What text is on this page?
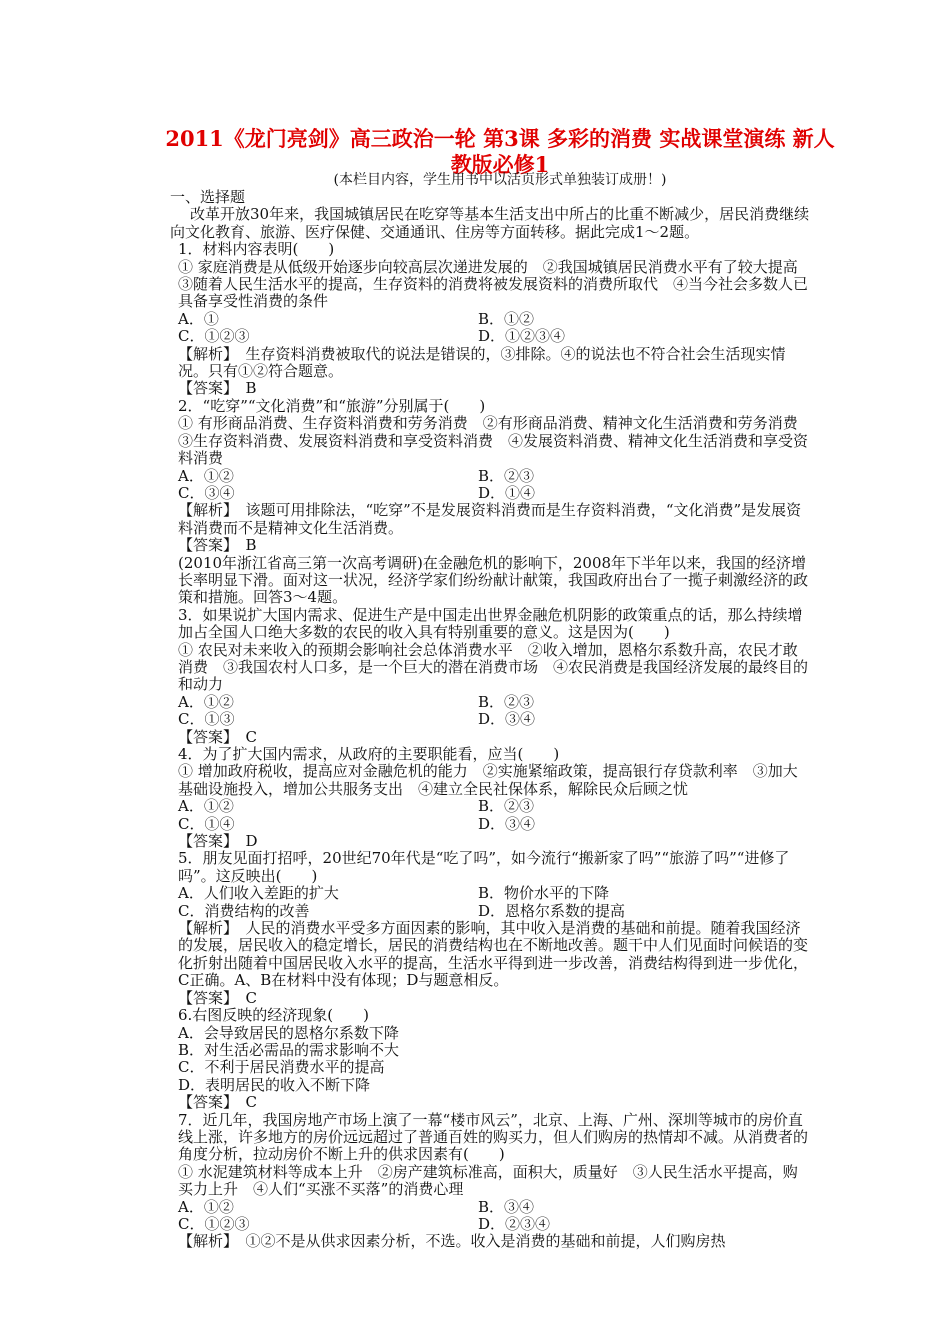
2011《龙门亮剑》高三政治一轮 第3课 多彩的消费 实战课堂演练 新人教版必修1
(本栏目内容，学生用书中以活页形式单独装订成册！)

一、选择题

改革开放30年来，我国城镇居民在吃穿等基本生活支出中所占的比重不断减少，居民消费继续向文化教育、旅游、医疗保健、交通通讯、住房等方面转移。据此完成1～2题。

1．材料内容表明(　　)

① 家庭消费是从低级开始逐步向较高层次递进发展的　②我国城镇居民消费水平有了较大提高　③随着人民生活水平的提高，生存资料的消费将被发展资料的消费所取代　④当今社会多数人已具备享受性消费的条件

A．①	B．①②
C．①②③	D．①②③④

【解析】　生存资料消费被取代的说法是错误的，③排除。④的说法也不符合社会生活现实情况。只有①②符合题意。

【答案】　B

2．“吃穿”“文化消费”和“旅游”分别属于(　　)

① 有形商品消费、生存资料消费和劳务消费　②有形商品消费、精神文化生活消费和劳务消费　③生存资料消费、发展资料消费和享受资料消费　④发展资料消费、精神文化生活消费和享受资料消费

A．①②	B．②③
C．③④	D．①④

【解析】　该题可用排除法，“吃穿”不是发展资料消费而是生存资料消费，“文化消费”是发展资料消费而不是精神文化生活消费。

【答案】　B

(2010年浙江省高三第一次高考调研)在金融危机的影响下，2008年下半年以来，我国的经济增长率明显下滑。面对这一状况，经济学家们纷纷献计献策，我国政府出台了一揽子刺激经济的政策和措施。回答3～4题。

3．如果说扩大国内需求、促进生产是中国走出世界金融危机阴影的政策重点的话，那么持续增加占全国人口绝大多数的农民的收入具有特别重要的意义。这是因为(　　)

① 农民对未来收入的预期会影响社会总体消费水平　②收入增加，恩格尔系数升高，农民才敢消费　③我国农村人口多，是一个巨大的潜在消费市场　④农民消费是我国经济发展的最终目的和动力

A．①②	B．②③
C．①③	D．③④

【答案】　C

4．为了扩大国内需求，从政府的主要职能看，应当(　　)

① 增加政府税收，提高应对金融危机的能力　②实施紧缩政策，提高银行存贷款利率　③加大基础设施投入，增加公共服务支出　④建立全民社保体系，解除民众后顾之忧

A．①②	B．②③
C．①④	D．③④

【答案】　D

5．朋友见面打招呼，20世纪70年代是“吃了吗”，如今流行“搬新家了吗”“旅游了吗”“进修了吗”。这反映出(　　)

A．人们收入差距的扩大	B．物价水平的下降
C．消费结构的改善	D．恩格尔系数的提高

【解析】　人民的消费水平受多方面因素的影响，其中收入是消费的基础和前提。随着我国经济的发展，居民收入的稳定增长，居民的消费结构也在不断地改善。题干中人们见面时问候语的变化折射出随着中国居民收入水平的提高，生活水平得到进一步改善，消费结构得到进一步优化，C正确。A、B在材料中没有体现；D与题意相反。

【答案】　C

6.右图反映的经济现象(　　)

A．会导致居民的恩格尔系数下降

B．对生活必需品的需求影响不大

C．不利于居民消费水平的提高

D．表明居民的收入不断下降

【答案】　C

7．近几年，我国房地产市场上演了一幕“楼市风云”，北京、上海、广州、深圳等城市的房价直线上涨，许多地方的房价远远超过了普通百姓的购买力，但人们购房的热情却不减。从消费者的角度分析，拉动房价不断上升的供求因素有(　　)

① 水泥建筑材料等成本上升　②房产建筑标准高，面积大，质量好　③人民生活水平提高，购买力上升　④人们“买涨不买落”的消费心理

A．①②	B．③④
C．①②③	D．②③④

【解析】　①②不是从供求因素分析，不选。收入是消费的基础和前提，人们购房热
